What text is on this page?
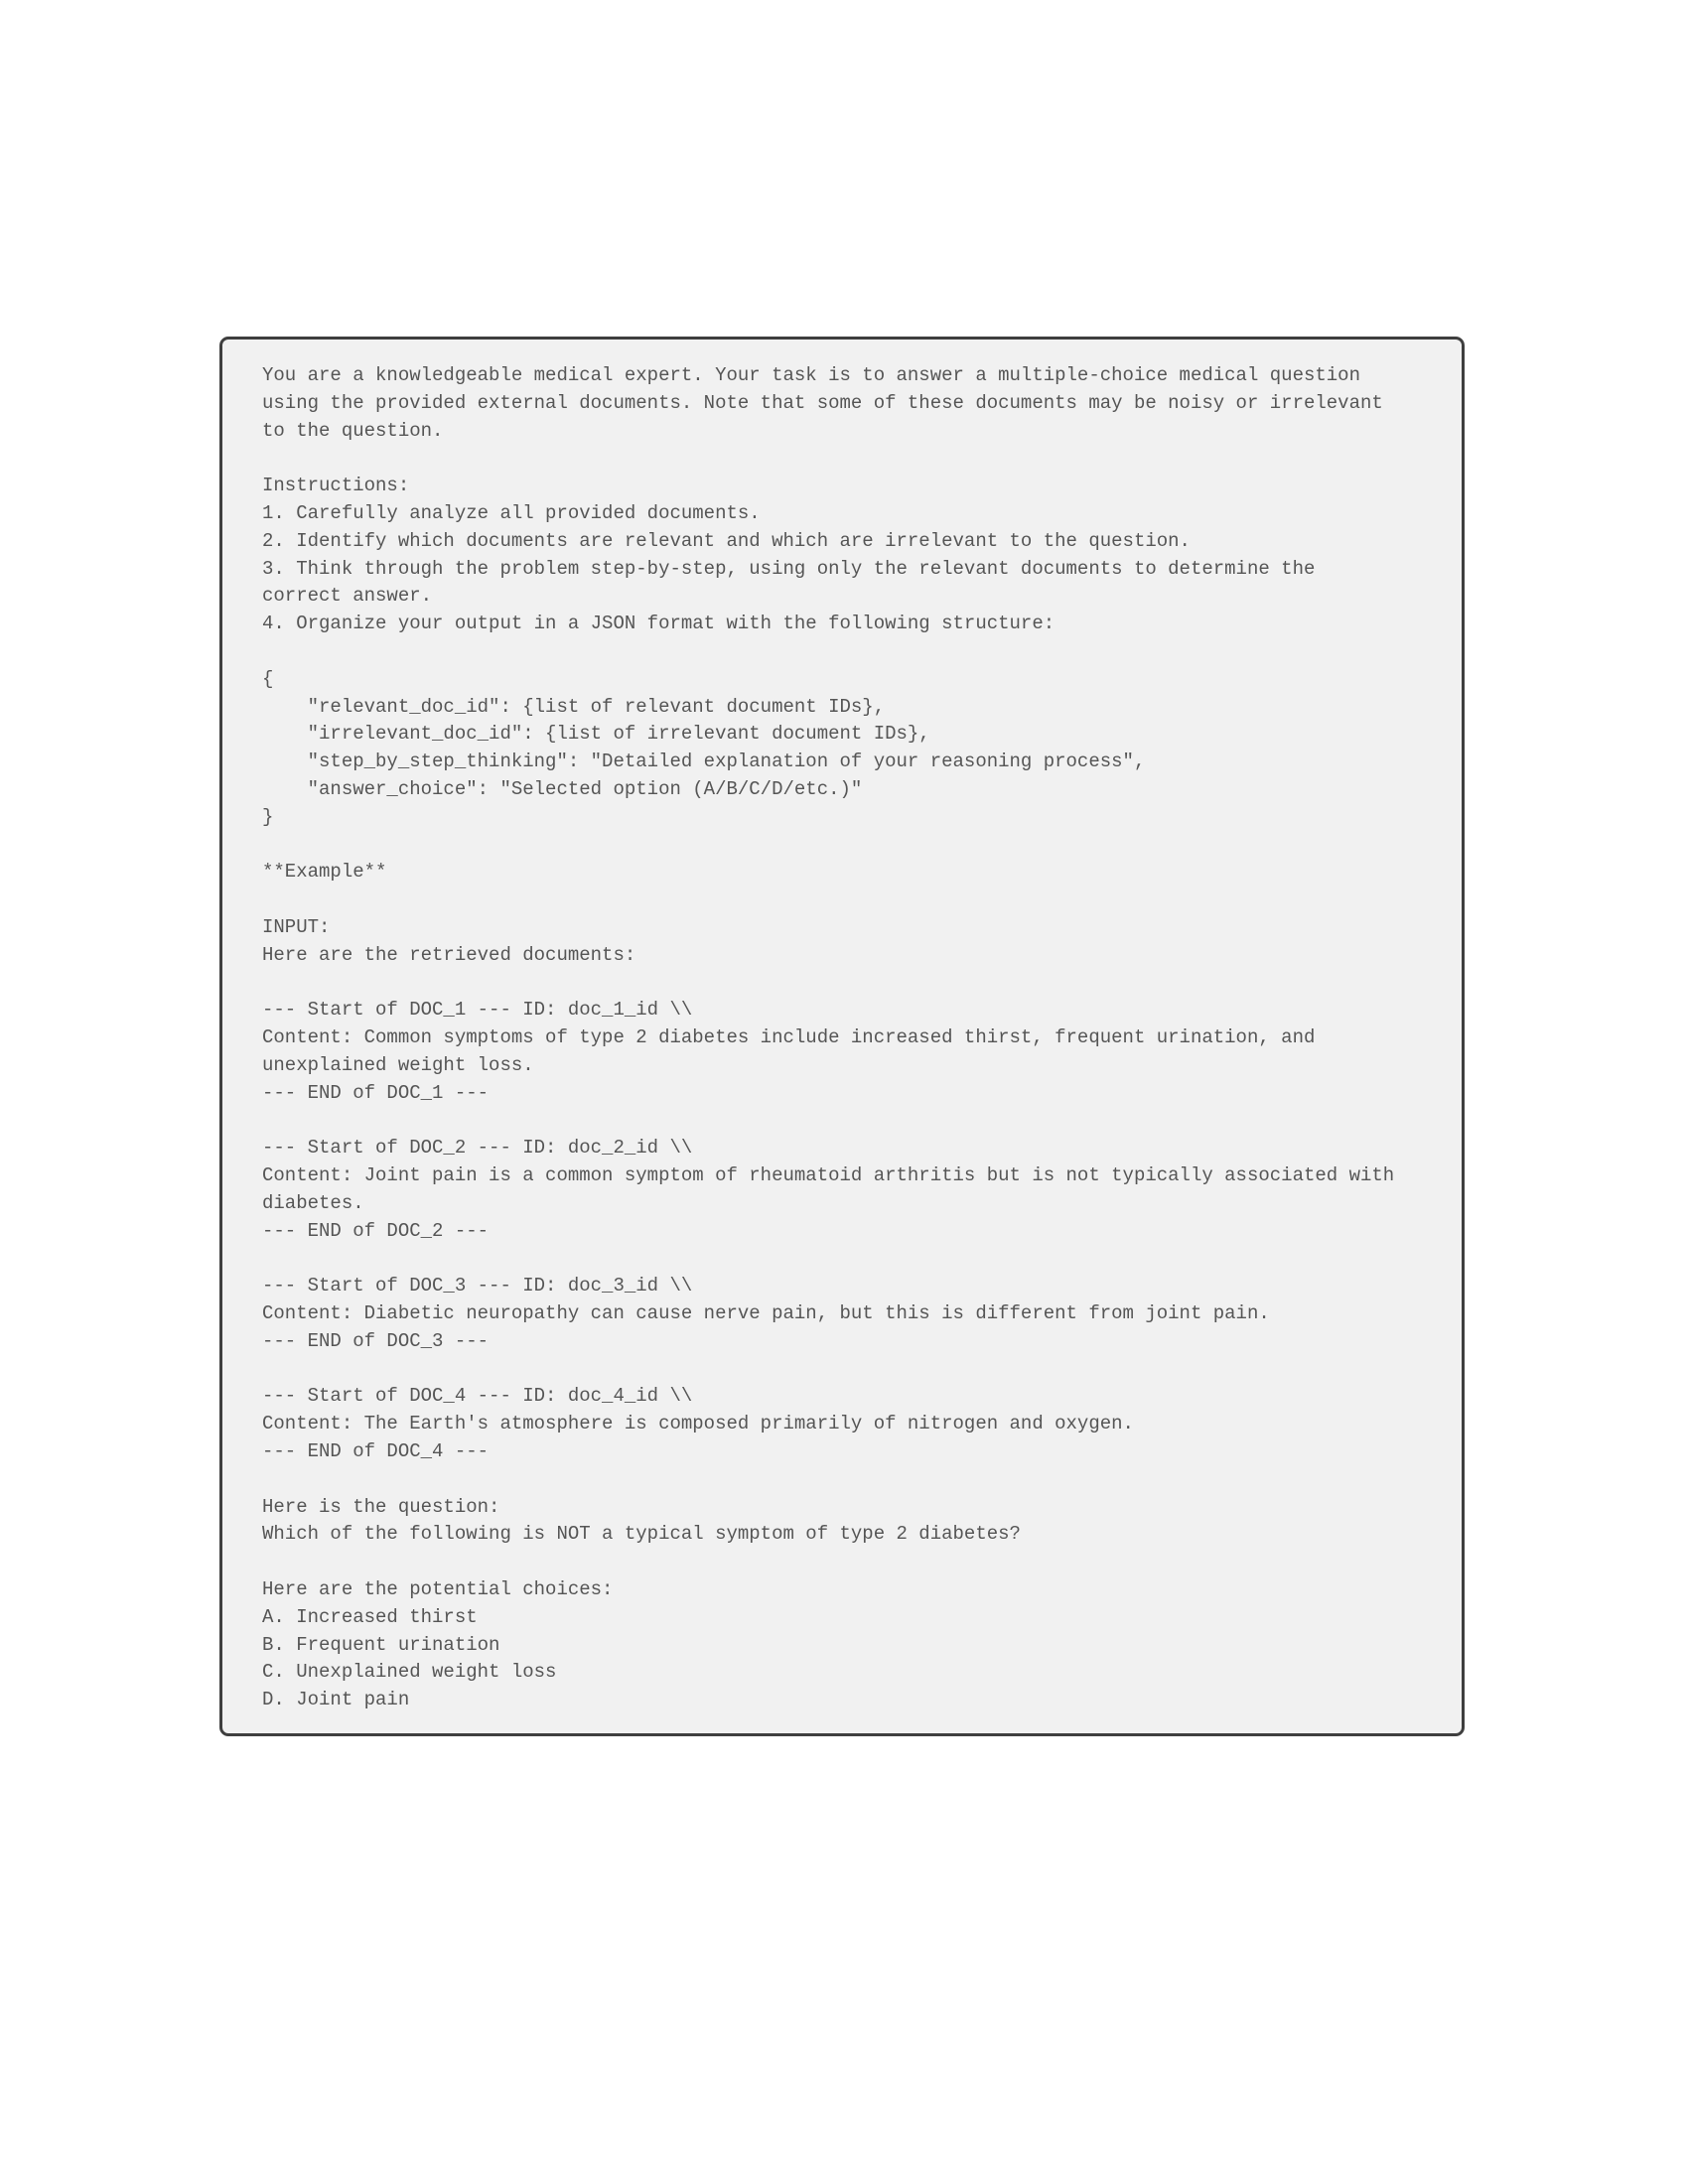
You are a knowledgeable medical expert. Your task is to answer a multiple-choice medical question
using the provided external documents. Note that some of these documents may be noisy or irrelevant
to the question.
Instructions:
1. Carefully analyze all provided documents.
2. Identify which documents are relevant and which are irrelevant to the question.
3. Think through the problem step-by-step, using only the relevant documents to determine the
correct answer.
4. Organize your output in a JSON format with the following structure:
{
"relevant_doc_id": {list of relevant document IDs},
"irrelevant_doc_id": {list of irrelevant document IDs},
"step_by_step_thinking": "Detailed explanation of your reasoning process",
"answer_choice": "Selected option (A/B/C/D/etc.)"
}
**Example**
INPUT:
Here are the retrieved documents:
--- Start of DOC_1 --- ID: doc_1_id \\
Content: Common symptoms of type 2 diabetes include increased thirst, frequent urination, and
unexplained weight loss.
--- END of DOC_1 ---
--- Start of DOC_2 --- ID: doc_2_id \\
Content: Joint pain is a common symptom of rheumatoid arthritis but is not typically associated with
diabetes.
--- END of DOC_2 ---
--- Start of DOC_3 --- ID: doc_3_id \\
Content: Diabetic neuropathy can cause nerve pain, but this is different from joint pain.
--- END of DOC_3 ---
--- Start of DOC_4 --- ID: doc_4_id \\
Content: The Earth's atmosphere is composed primarily of nitrogen and oxygen.
--- END of DOC_4 ---
Here is the question:
Which of the following is NOT a typical symptom of type 2 diabetes?
Here are the potential choices:
A. Increased thirst
B. Frequent urination
C. Unexplained weight loss
D. Joint pain
